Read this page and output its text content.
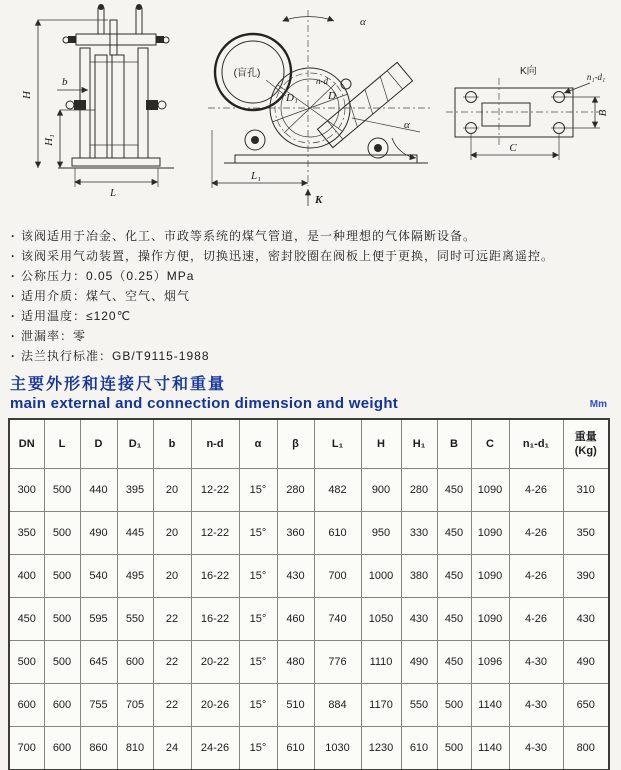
H
H₁
b
L
(盲孔)
n-d
D₁	D
α
α
L₁
K
K向	n₁-d₁
B
C
· 该阀适用于冶金、化工、市政等系统的煤气管道，是一种理想的气体隔断设备。
· 该阀采用气动装置，操作方便，切换迅速，密封胶圈在阀板上便于更换，同时可远距离遥控。
· 公称压力：0.05（0.25）MPa
· 适用介质：煤气、空气、烟气
· 适用温度：≤120℃
· 泄漏率：零
· 法兰执行标准：GB/T9115-1988
主要外形和连接尺寸和重量
main external and connection dimension and weight	Mm
DN	L	D	D₁	b	n-d	α	β	L₁	H	H₁	B	C	n₁-d₁	重量
(Kg)

300	500	440	395	20	12-22	15°	280	482	900	280	450	1090	4-26	310
350	500	490	445	20	12-22	15°	360	610	950	330	450	1090	4-26	350
400	500	540	495	20	16-22	15°	430	700	1000	380	450	1090	4-26	390
450	500	595	550	22	16-22	15°	460	740	1050	430	450	1090	4-26	430
500	500	645	600	22	20-22	15°	480	776	1110	490	450	1096	4-30	490
600	600	755	705	22	20-26	15°	510	884	1170	550	500	1140	4-30	650
700	600	860	810	24	24-26	15°	610	1030	1230	610	500	1140	4-30	800
